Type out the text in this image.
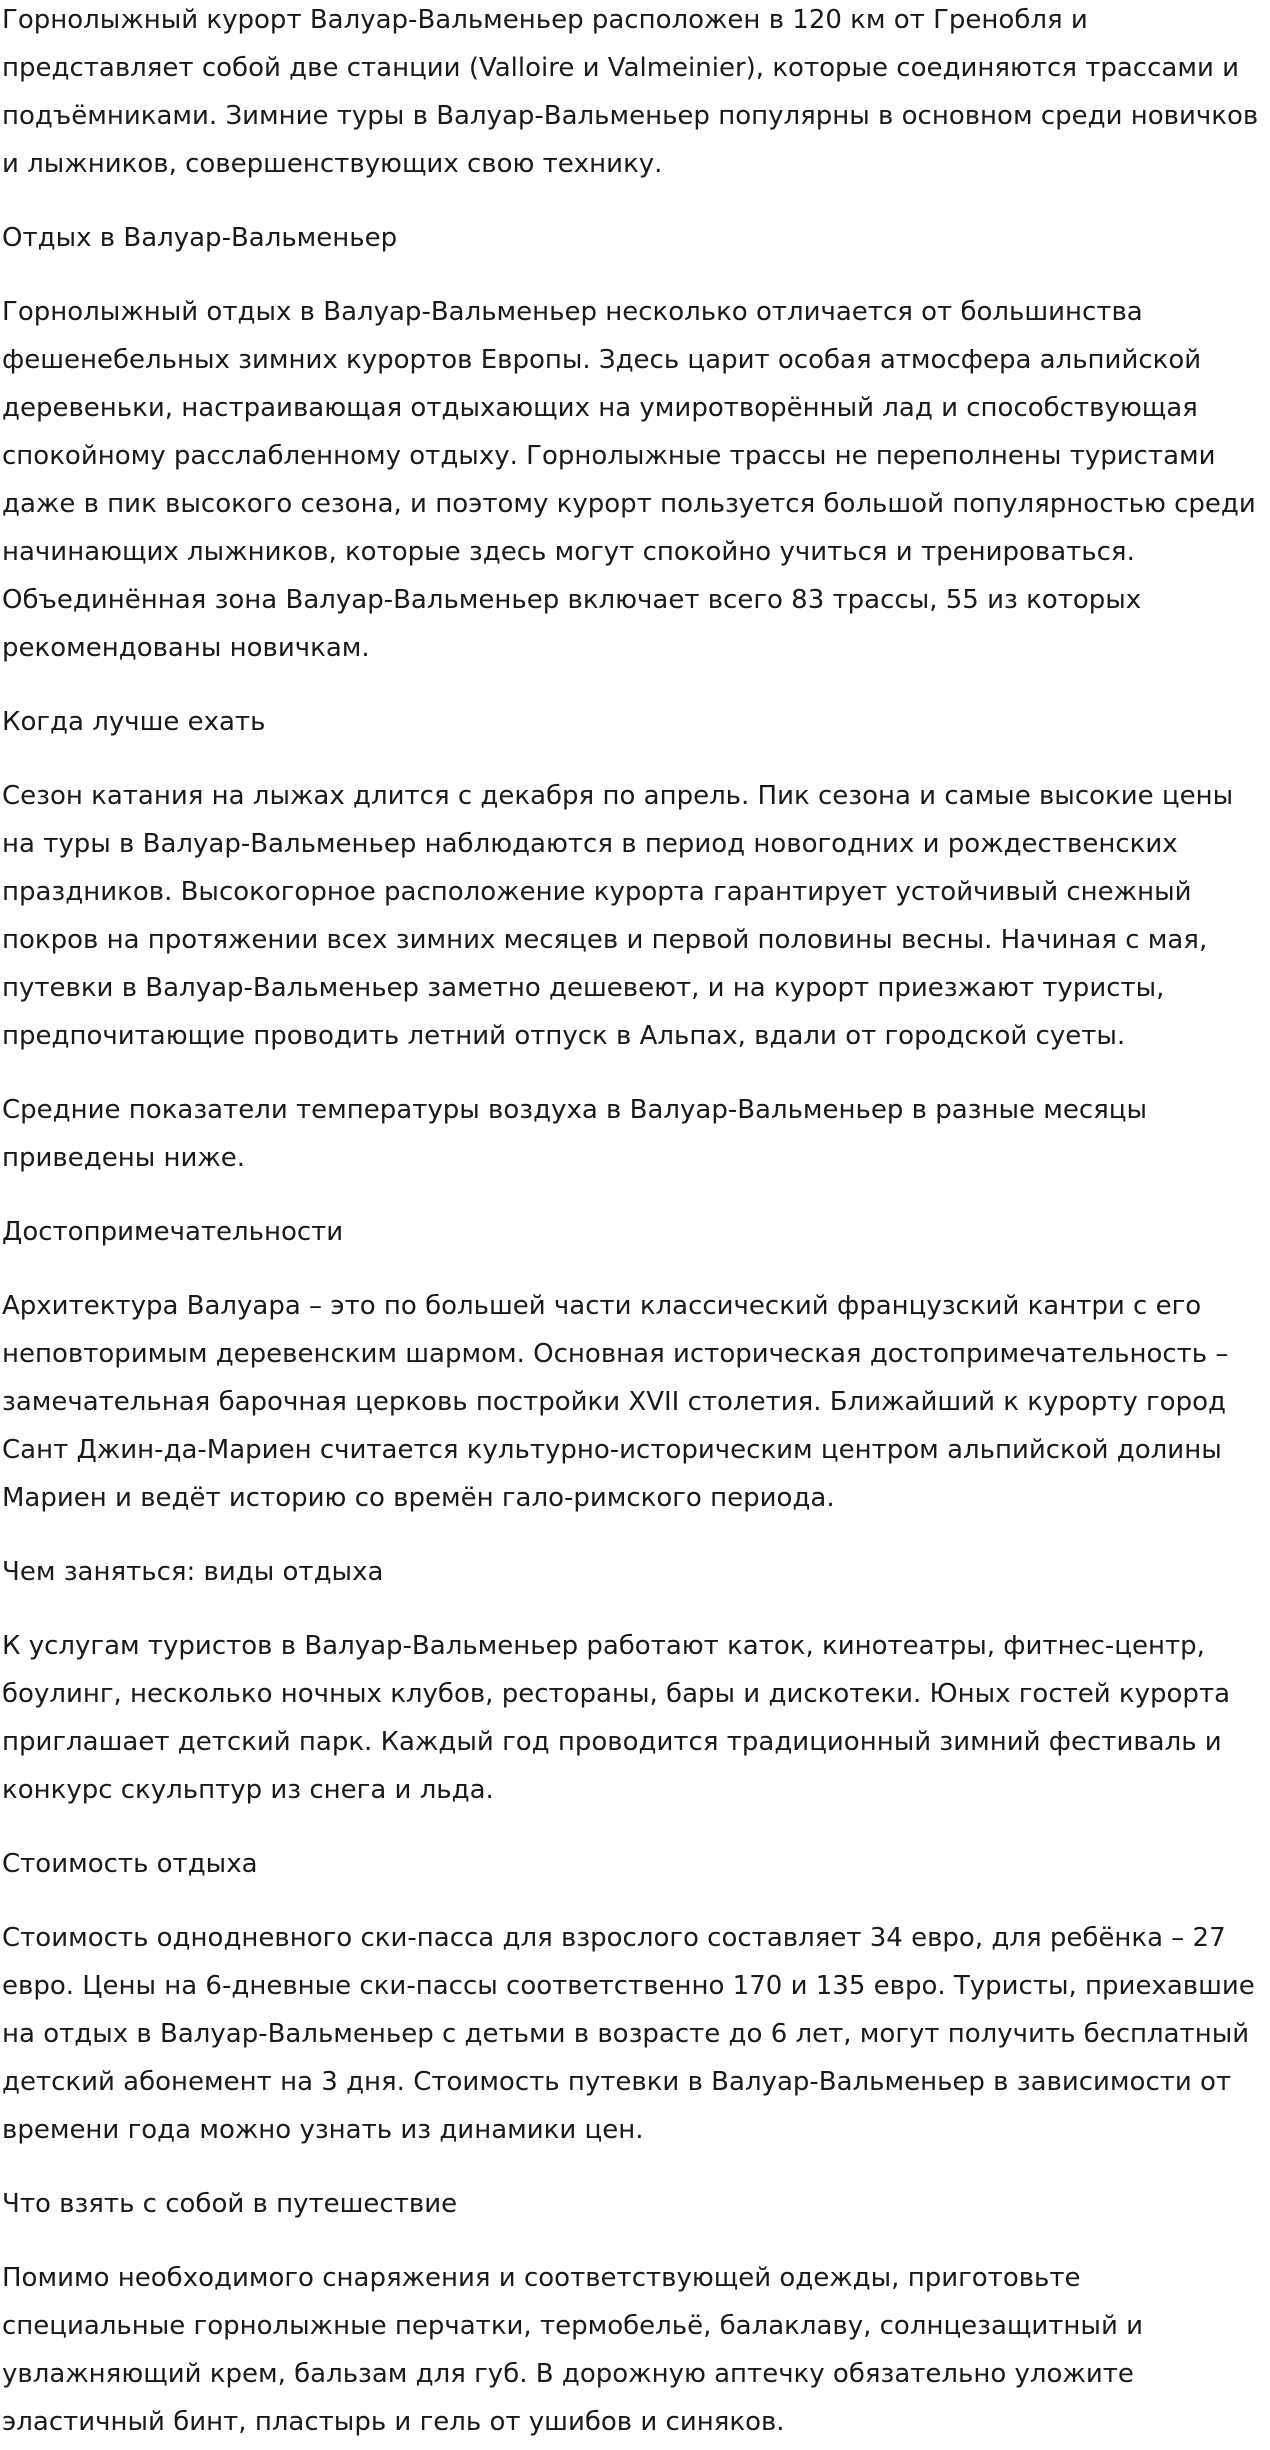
Горнолыжный курорт Валуар-Вальменьер расположен в 120 км от Гренобля и представляет собой две станции (Valloire и Valmeinier), которые соединяются трассами и подъёмниками. Зимние туры в Валуар-Вальменьер популярны в основном среди новичков и лыжников, совершенствующих свою технику.

Отдых в Валуар-Вальменьер

Горнолыжный отдых в Валуар-Вальменьер несколько отличается от большинства фешенебельных зимних курортов Европы. Здесь царит особая атмосфера альпийской деревеньки, настраивающая отдыхающих на умиротворённый лад и способствующая спокойному расслабленному отдыху. Горнолыжные трассы не переполнены туристами даже в пик высокого сезона, и поэтому курорт пользуется большой популярностью среди начинающих лыжников, которые здесь могут спокойно учиться и тренироваться. Объединённая зона Валуар-Вальменьер включает всего 83 трассы, 55 из которых рекомендованы новичкам.

Когда лучше ехать

Сезон катания на лыжах длится с декабря по апрель. Пик сезона и самые высокие цены на туры в Валуар-Вальменьер наблюдаются в период новогодних и рождественских праздников. Высокогорное расположение курорта гарантирует устойчивый снежный покров на протяжении всех зимних месяцев и первой половины весны. Начиная с мая, путевки в Валуар-Вальменьер заметно дешевеют, и на курорт приезжают туристы, предпочитающие проводить летний отпуск в Альпах, вдали от городской суеты.

Средние показатели температуры воздуха в Валуар-Вальменьер в разные месяцы приведены ниже.

Достопримечательности

Архитектура Валуара – это по большей части классический французский кантри с его неповторимым деревенским шармом. Основная историческая достопримечательность – замечательная барочная церковь постройки XVII столетия. Ближайший к курорту город Сант Джин-да-Мариен считается культурно-историческим центром альпийской долины Мариен и ведёт историю со времён гало-римского периода.

Чем заняться: виды отдыха

К услугам туристов в Валуар-Вальменьер работают каток, кинотеатры, фитнес-центр, боулинг, несколько ночных клубов, рестораны, бары и дискотеки. Юных гостей курорта приглашает детский парк. Каждый год проводится традиционный зимний фестиваль и конкурс скульптур из снега и льда.

Стоимость отдыха

Стоимость однодневного ски-пасса для взрослого составляет 34 евро, для ребёнка – 27 евро. Цены на 6-дневные ски-пассы соответственно 170 и 135 евро. Туристы, приехавшие на отдых в Валуар-Вальменьер с детьми в возрасте до 6 лет, могут получить бесплатный детский абонемент на 3 дня. Стоимость путевки в Валуар-Вальменьер в зависимости от времени года можно узнать из динамики цен.

Что взять с собой в путешествие

Помимо необходимого снаряжения и соответствующей одежды, приготовьте специальные горнолыжные перчатки, термобельё, балаклаву, солнцезащитный и увлажняющий крем, бальзам для губ. В дорожную аптечку обязательно уложите эластичный бинт, пластырь и гель от ушибов и синяков.
